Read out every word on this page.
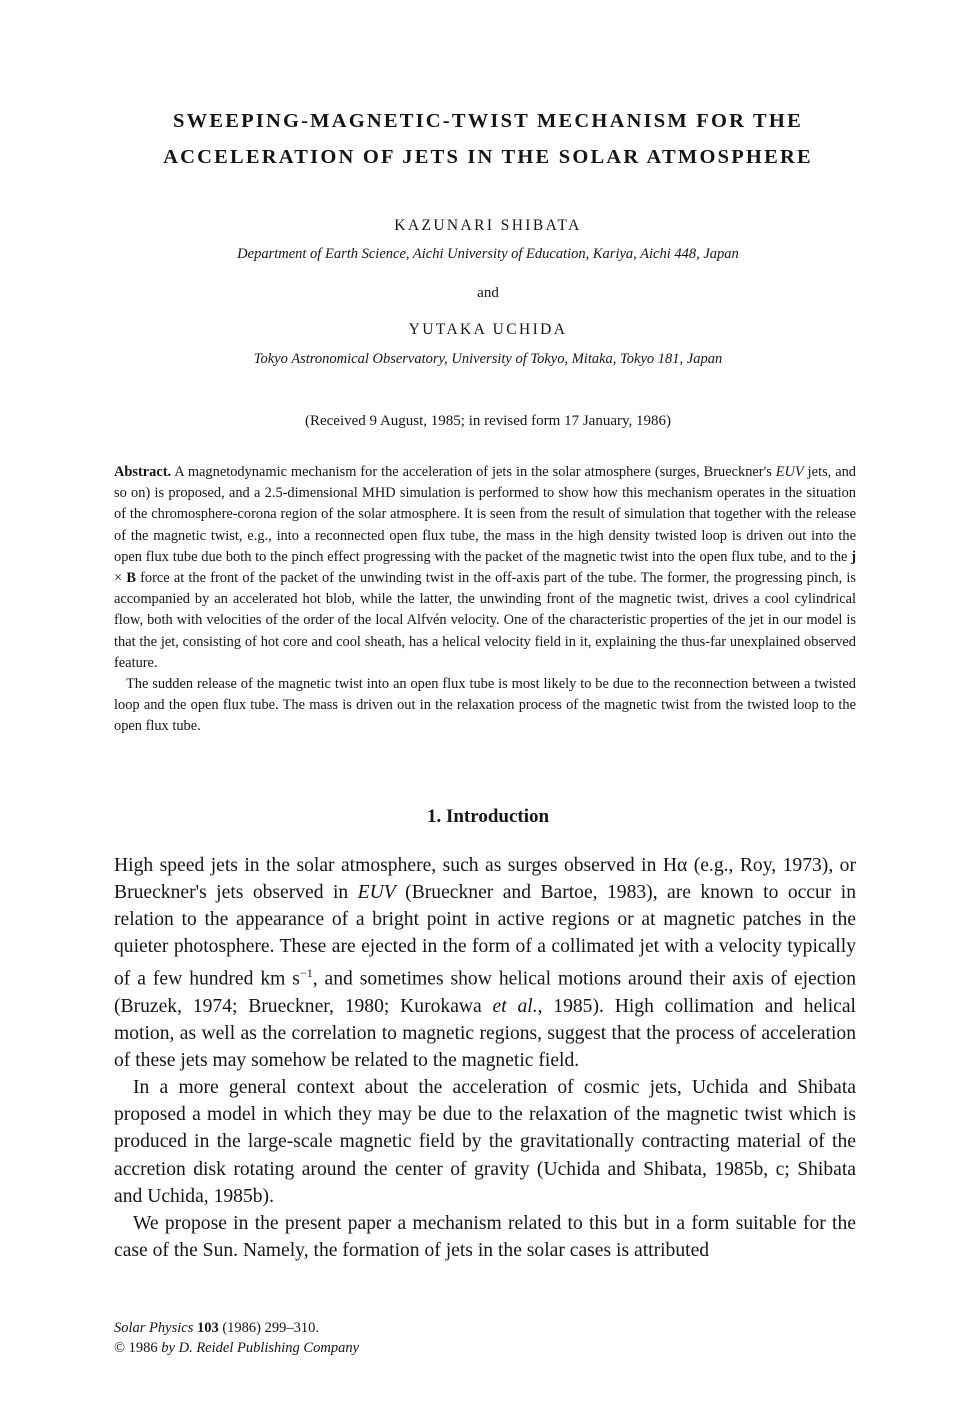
SWEEPING-MAGNETIC-TWIST MECHANISM FOR THE
ACCELERATION OF JETS IN THE SOLAR ATMOSPHERE
KAZUNARI SHIBATA
Department of Earth Science, Aichi University of Education, Kariya, Aichi 448, Japan
and
YUTAKA UCHIDA
Tokyo Astronomical Observatory, University of Tokyo, Mitaka, Tokyo 181, Japan
(Received 9 August, 1985; in revised form 17 January, 1986)

Abstract. A magnetodynamic mechanism for the acceleration of jets in the solar atmosphere (surges, Brueckner's EUV jets, and so on) is proposed, and a 2.5-dimensional MHD simulation is performed to show how this mechanism operates in the situation of the chromosphere-corona region of the solar atmosphere. It is seen from the result of simulation that together with the release of the magnetic twist, e.g., into a reconnected open flux tube, the mass in the high density twisted loop is driven out into the open flux tube due both to the pinch effect progressing with the packet of the magnetic twist into the open flux tube, and to the j × B force at the front of the packet of the unwinding twist in the off-axis part of the tube. The former, the progressing pinch, is accompanied by an accelerated hot blob, while the latter, the unwinding front of the magnetic twist, drives a cool cylindrical flow, both with velocities of the order of the local Alfvén velocity. One of the characteristic properties of the jet in our model is that the jet, consisting of hot core and cool sheath, has a helical velocity field in it, explaining the thus-far unexplained observed feature.

The sudden release of the magnetic twist into an open flux tube is most likely to be due to the reconnection between a twisted loop and the open flux tube. The mass is driven out in the relaxation process of the magnetic twist from the twisted loop to the open flux tube.

1. Introduction

High speed jets in the solar atmosphere, such as surges observed in Hα (e.g., Roy, 1973), or Brueckner's jets observed in EUV (Brueckner and Bartoe, 1983), are known to occur in relation to the appearance of a bright point in active regions or at magnetic patches in the quieter photosphere. These are ejected in the form of a collimated jet with a velocity typically of a few hundred km $s^{-1}$, and sometimes show helical motions around their axis of ejection (Bruzek, 1974; Brueckner, 1980; Kurokawa et al., 1985). High collimation and helical motion, as well as the correlation to magnetic regions, suggest that the process of acceleration of these jets may somehow be related to the magnetic field.

In a more general context about the acceleration of cosmic jets, Uchida and Shibata proposed a model in which they may be due to the relaxation of the magnetic twist which is produced in the large-scale magnetic field by the gravitationally contracting material of the accretion disk rotating around the center of gravity (Uchida and Shibata, 1985b, c; Shibata and Uchida, 1985b).

We propose in the present paper a mechanism related to this but in a form suitable for the case of the Sun. Namely, the formation of jets in the solar cases is attributed

Solar Physics 103 (1986) 299–310.
© 1986 by D. Reidel Publishing Company
